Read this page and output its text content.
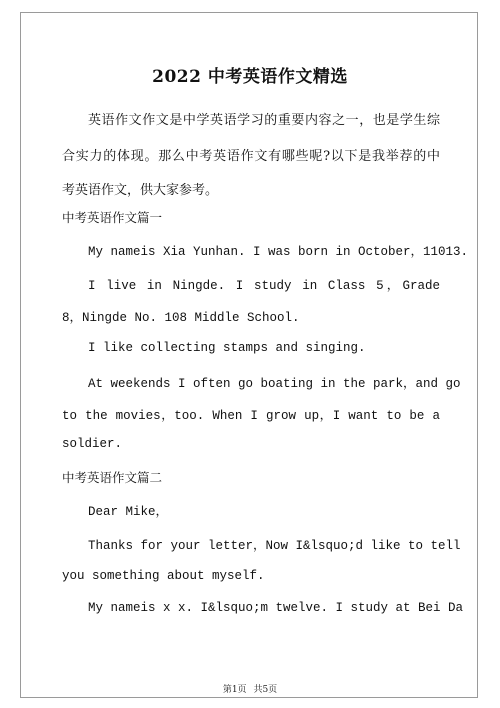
2022 中考英语作文精选
英语作文作文是中学英语学习的重要内容之一，也是学生综
合实力的体现。那么中考英语作文有哪些呢?以下是我举荐的中
考英语作文，供大家参考。
中考英语作文篇一
My nameis Xia Yunhan. I was born in October，11013.
I live in Ningde. I study in Class 5，Grade
8，Ningde No. 108 Middle School.
I like collecting stamps and singing.
At weekends I often go boating in the park，and go
to the movies，too. When I grow up，I want to be a
soldier.
中考英语作文篇二
Dear Mike，
Thanks for your letter，Now I&lsquo;d like to tell
you something about myself.
My nameis x x. I&lsquo;m twelve. I study at Bei Da
第1页 共5页
